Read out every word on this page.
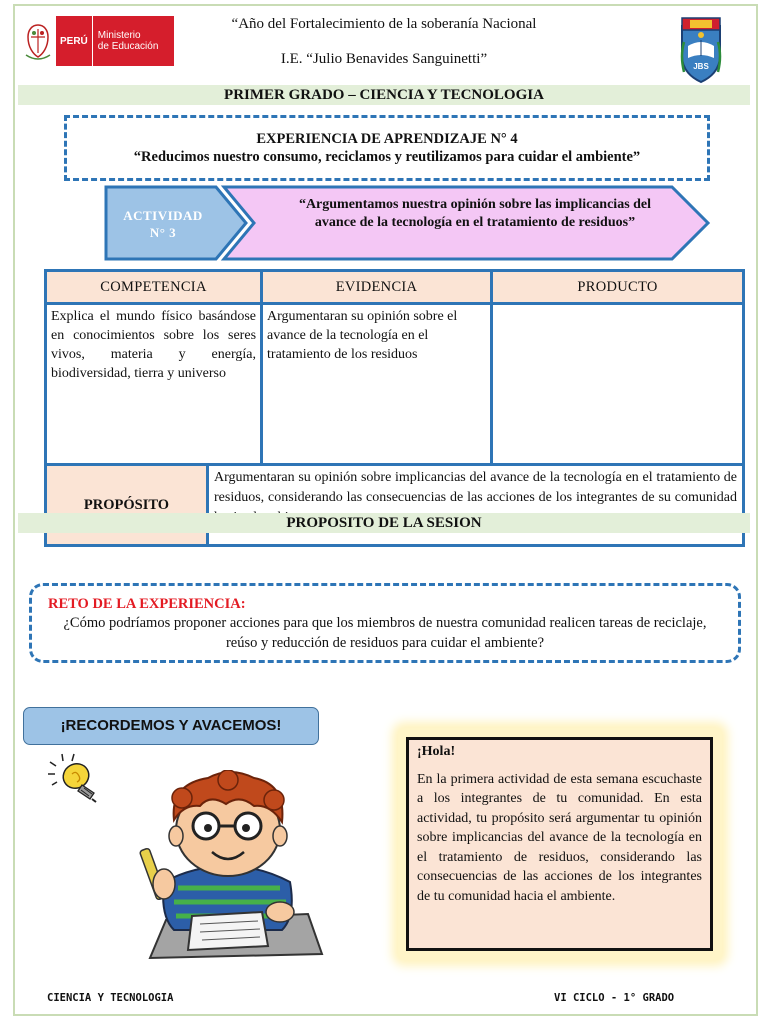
PERÚ	Ministerio
de Educación
JBS
“Año del Fortalecimiento de la soberanía Nacional
I.E. “Julio Benavides Sanguinetti”
PRIMER GRADO – CIENCIA Y TECNOLOGIA
EXPERIENCIA DE APRENDIZAJE N° 4
“Reducimos nuestro consumo, reciclamos y reutilizamos para cuidar el ambiente”
ACTIVIDAD
N° 3
“Argumentamos nuestra opinión sobre las implicancias del avance de la tecnología en el tratamiento de residuos”
COMPETENCIA		EVIDENCIA	PRODUCTO
Explica el mundo físico basándose en conocimientos sobre los seres vivos, materia y energía, biodiversidad, tierra y universo		Argumentaran su opinión sobre el avance de la tecnología en el tratamiento de los residuos	
PROPÓSITO	Argumentaran su opinión sobre implicancias del avance de la tecnología en el tratamiento de residuos, considerando las consecuencias de las acciones de los integrantes de su comunidad		
PROPOSITO DE LA SESION
RETO DE LA EXPERIENCIA:
¿Cómo podríamos proponer acciones para que los miembros de nuestra comunidad realicen tareas de reciclaje, reúso y reducción de residuos para cuidar el ambiente?
¡RECORDEMOS Y AVACEMOS!
¡Hola!
En la primera actividad de esta semana escuchaste a los integrantes de tu comunidad. En esta actividad, tu propósito será argumentar tu opinión sobre implicancias del avance de la tecnología en el tratamiento de residuos, considerando las consecuencias de las acciones de los integrantes de tu comunidad hacia el ambiente.
CIENCIA Y TECNOLOGIA	VI CICLO - 1° GRADO
